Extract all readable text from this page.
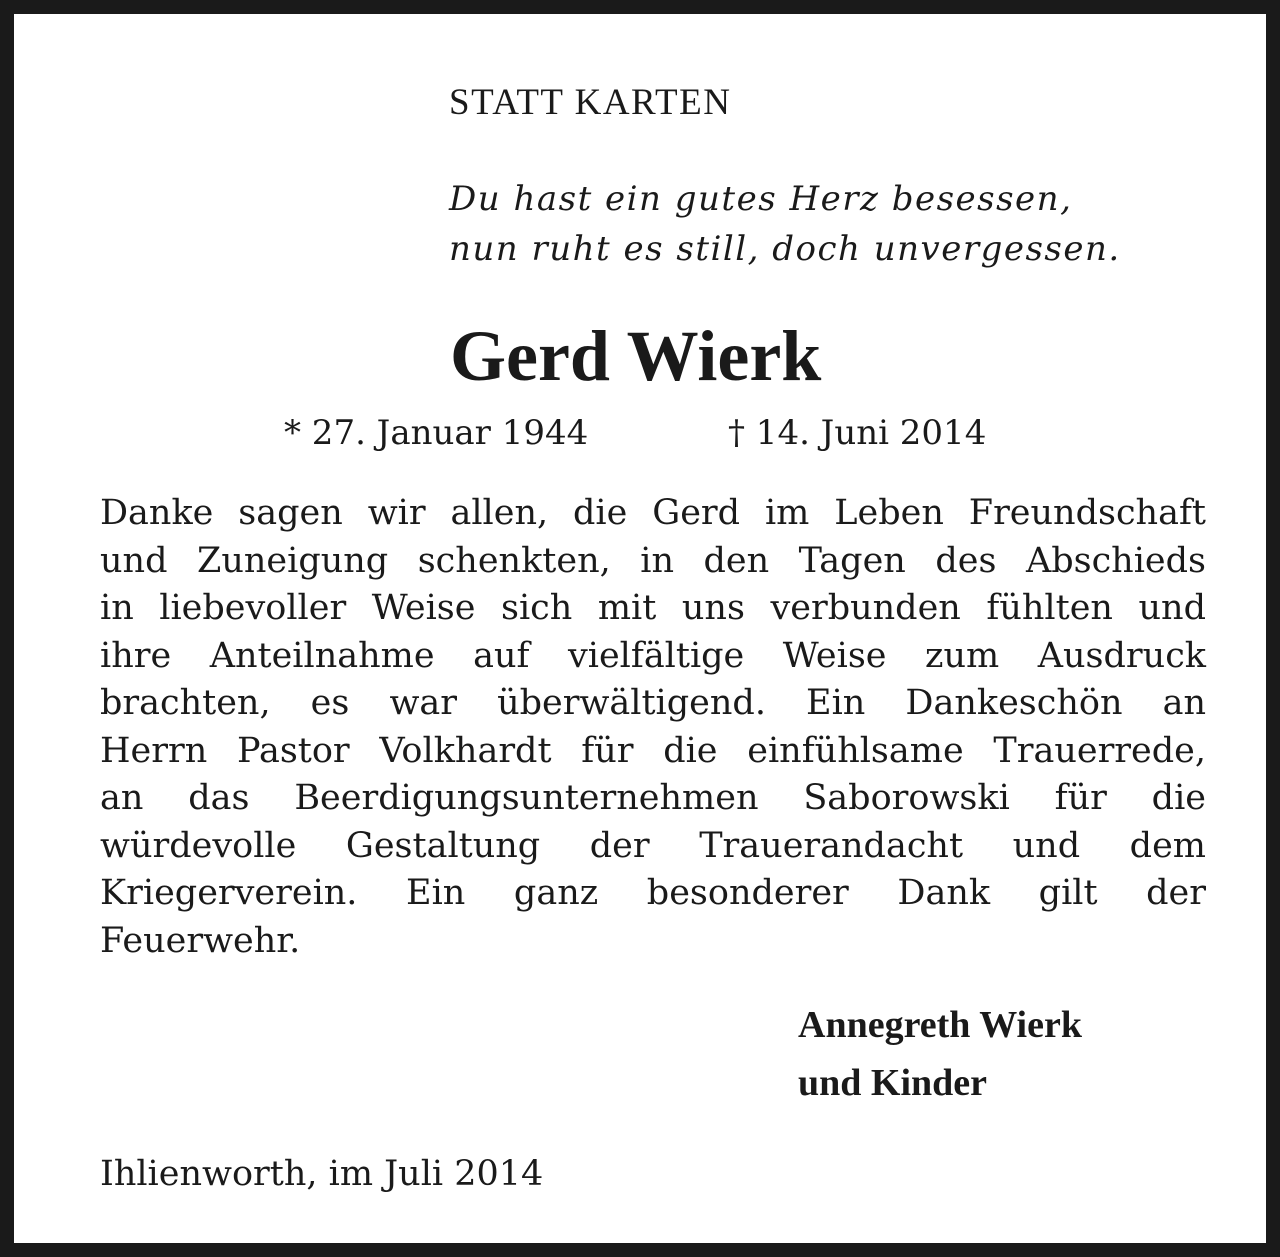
STATT KARTEN
Du hast ein gutes Herz besessen,
nun ruht es still, doch unvergessen.
Gerd Wierk
* 27. Januar 1944	† 14. Juni 2014
Danke sagen wir allen, die Gerd im Leben Freundschaft
und Zuneigung schenkten, in den Tagen des Abschieds
in liebevoller Weise sich mit uns verbunden fühlten und
ihre Anteilnahme auf vielfältige Weise zum Ausdruck
brachten, es war überwältigend. Ein Dankeschön an
Herrn Pastor Volkhardt für die einfühlsame Trauerrede,
an das Beerdigungsunternehmen Saborowski für die
würdevolle Gestaltung der Trauerandacht und dem
Kriegerverein. Ein ganz besonderer Dank gilt der
Feuerwehr.
Annegreth Wierk
und Kinder
Ihlienworth, im Juli 2014
